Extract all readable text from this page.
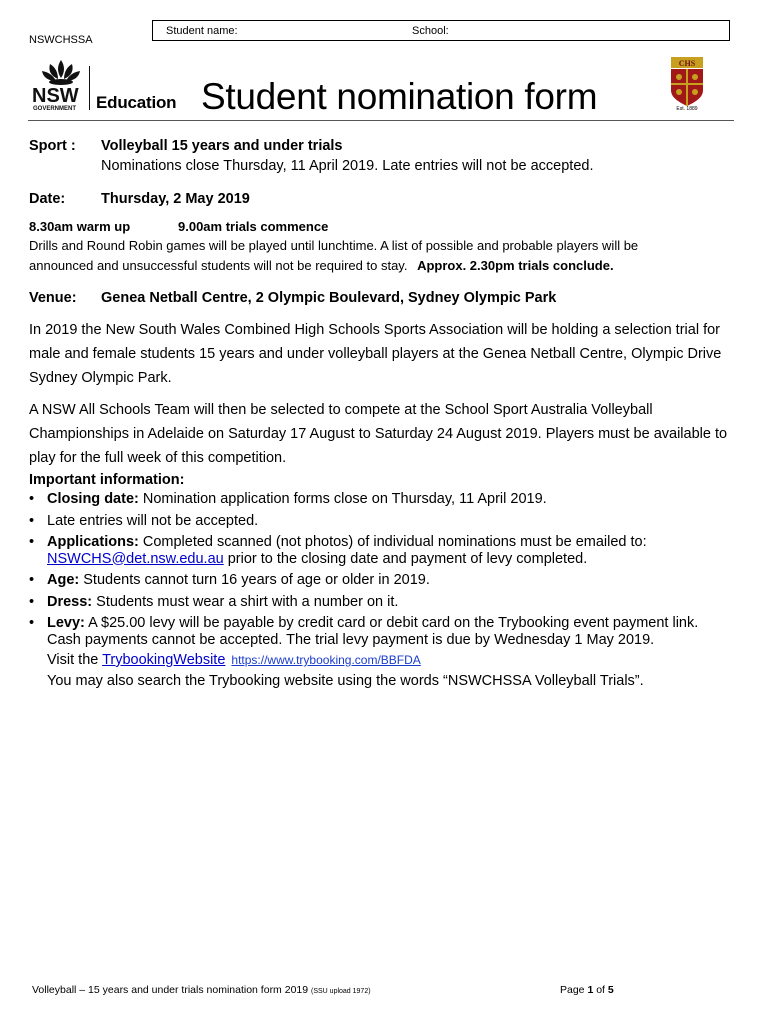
Student name:	School:
NSWCHSSA
NSW
GOVERNMENT Education Student nomination form
CHS
Est. 1889
Sport : Volleyball 15 years and under trials
Nominations close Thursday, 11 April 2019. Late entries will not be accepted.
Date: Thursday, 2 May 2019
8.30am warm up	9.00am trials commence
Drills and Round Robin games will be played until lunchtime. A list of possible and probable players will be
announced and unsuccessful students will not be required to stay. Approx. 2.30pm trials conclude.
Venue: Genea Netball Centre, 2 Olympic Boulevard, Sydney Olympic Park
In 2019 the New South Wales Combined High Schools Sports Association will be holding a selection trial for male and female students 15 years and under volleyball players at the Genea Netball Centre, Olympic Drive Sydney Olympic Park.
A NSW All Schools Team will then be selected to compete at the School Sport Australia Volleyball Championships in Adelaide on Saturday 17 August to Saturday 24 August 2019. Players must be available to play for the full week of this competition.
Important information:
• Closing date: Nomination application forms close on Thursday, 11 April 2019.
• Late entries will not be accepted.
• Applications: Completed scanned (not photos) of individual nominations must be emailed to:
NSWCHS@det.nsw.edu.au prior to the closing date and payment of levy completed.
• Age: Students cannot turn 16 years of age or older in 2019.
• Dress: Students must wear a shirt with a number on it.
• Levy: A $25.00 levy will be payable by credit card or debit card on the Trybooking event payment link. Cash payments cannot be accepted. The trial levy payment is due by Wednesday 1 May 2019.
Visit the TrybookingWebsite https://www.trybooking.com/BBFDA
You may also search the Trybooking website using the words “NSWCHSSA Volleyball Trials”.
Volleyball – 15 years and under trials nomination form 2019 (SSU upload 1972)	Page 1 of 5
